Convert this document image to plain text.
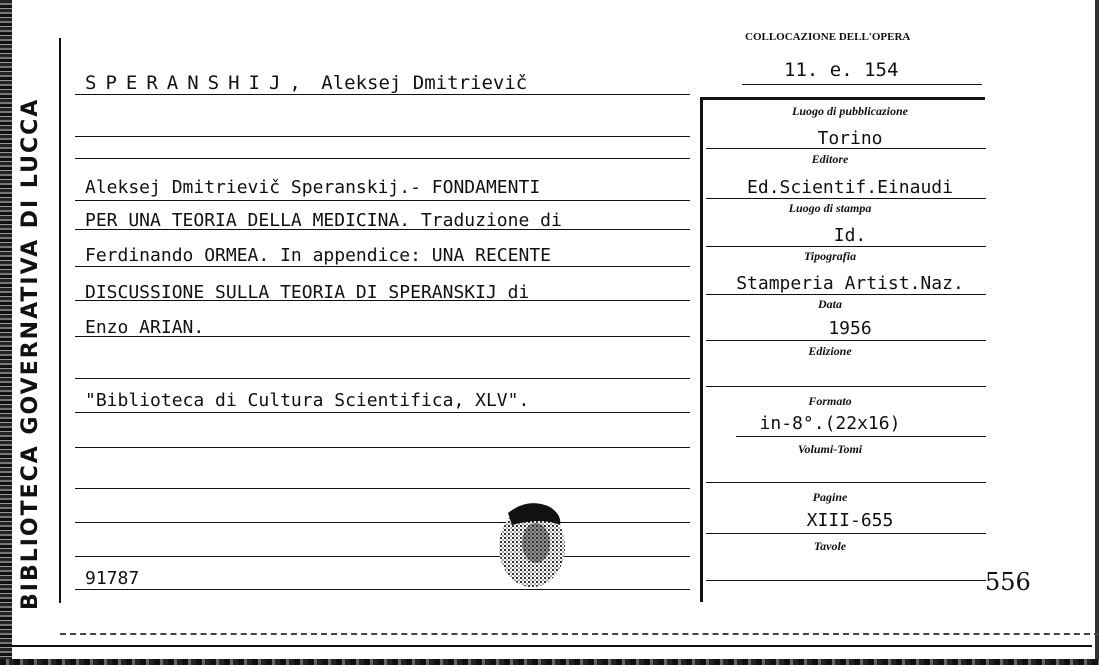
BIBLIOTECA GOVERNATIVA DI LUCCA
COLLOCAZIONE DELL'OPERA
11. e. 154
SPERANSHIJ, Aleksej Dmitrievič
Aleksej Dmitrievič Speranskij.- FONDAMENTI
PER UNA TEORIA DELLA MEDICINA. Traduzione di
Ferdinando ORMEA. In appendice: UNA RECENTE
DISCUSSIONE SULLA TEORIA DI SPERANSKIJ di
Enzo ARIAN.
"Biblioteca di Cultura Scientifica, XLV".
91787
Luogo di pubblicazione
Torino
Editore
Ed.Scientif.Einaudi
Luogo di stampa
Id.
Tipografia
Stamperia Artist.Naz.
Data
1956
Edizione
Formato
in-8°.(22x16)
Volumi-Tomi
Pagine
XIII-655
Tavole
556
